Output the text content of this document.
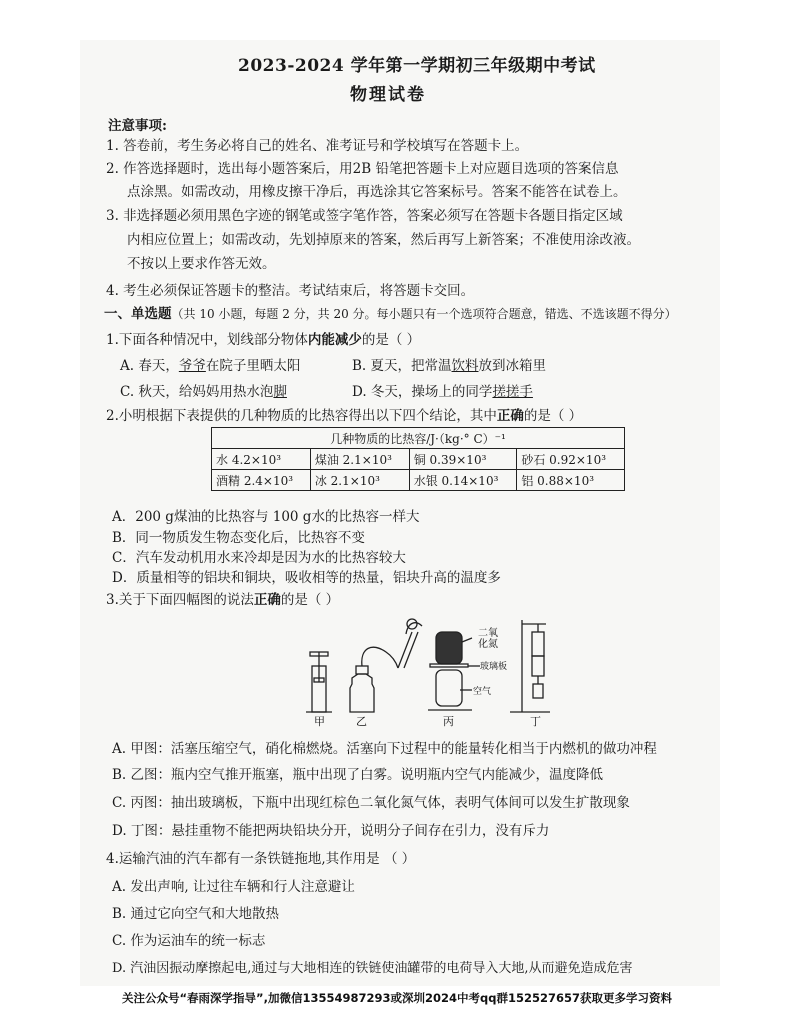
2023-2024 学年第一学期初三年级期中考试
物理试卷
注意事项:
1. 答卷前，考生务必将自己的姓名、准考证号和学校填写在答题卡上。
2. 作答选择题时，选出每小题答案后，用2B 铅笔把答题卡上对应题目选项的答案信息
点涂黑。如需改动，用橡皮擦干净后，再选涂其它答案标号。答案不能答在试卷上。
3. 非选择题必须用黑色字迹的钢笔或签字笔作答，答案必须写在答题卡各题目指定区域
内相应位置上；如需改动，先划掉原来的答案，然后再写上新答案；不准使用涂改液。
不按以上要求作答无效。
4. 考生必须保证答题卡的整洁。考试结束后，将答题卡交回。
一、单选题（共 10 小题，每题 2 分，共 20 分。每小题只有一个选项符合题意，错选、不选该题不得分）
1.下面各种情况中，划线部分物体内能减少的是（ ）
A. 春天，爷爷在院子里晒太阳	B. 夏天，把常温饮料放到冰箱里
C. 秋天，给妈妈用热水泡脚	D. 冬天，操场上的同学搓搓手
2.小明根据下表提供的几种物质的比热容得出以下四个结论，其中正确的是（ ）
几种物质的比热容/J·（kg·° C）⁻¹			
水 4.2×10³	煤油 2.1×10³	铜 0.39×10³	砂石 0.92×10³
酒精 2.4×10³	冰 2.1×10³	水银 0.14×10³	铝 0.88×10³
A．200 g煤油的比热容与 100 g水的比热容一样大
B．同一物质发生物态变化后，比热容不变
C．汽车发动机用水来冷却是因为水的比热容较大
D．质量相等的铝块和铜块，吸收相等的热量，铝块升高的温度多
3.关于下面四幅图的说法正确的是（ ）
二氧
化氮
玻璃板
空气
甲	乙	丙	丁
A. 甲图：活塞压缩空气，硝化棉燃烧。活塞向下过程中的能量转化相当于内燃机的做功冲程
B. 乙图：瓶内空气推开瓶塞，瓶中出现了白雾。说明瓶内空气内能减少，温度降低
C. 丙图：抽出玻璃板，下瓶中出现红棕色二氧化氮气体，表明气体间可以发生扩散现象
D. 丁图：悬挂重物不能把两块铅块分开，说明分子间存在引力，没有斥力
4.运输汽油的汽车都有一条铁链拖地,其作用是 （ ）
A. 发出声响, 让过往车辆和行人注意避让
B. 通过它向空气和大地散热
C. 作为运油车的统一标志
D. 汽油因振动摩擦起电,通过与大地相连的铁链使油罐带的电荷导入大地,从而避免造成危害
关注公众号“春雨深学指导”,加微信13554987293或深圳2024中考qq群152527657获取更多学习资料
